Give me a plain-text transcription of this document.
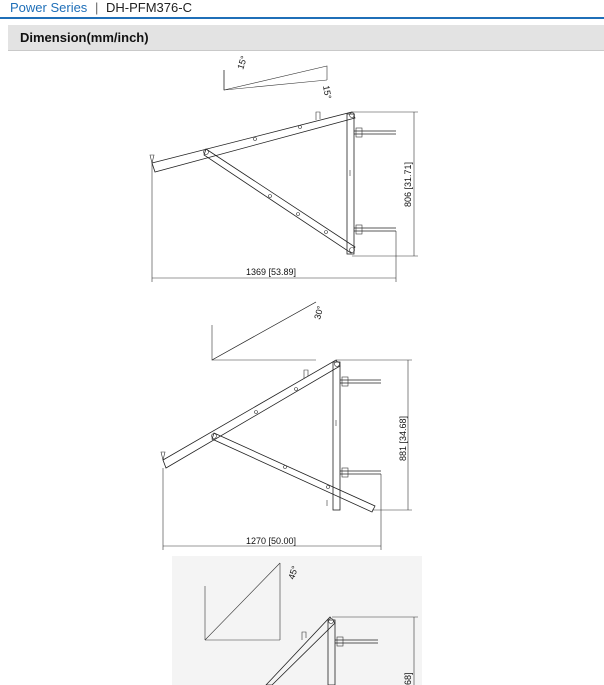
Power Series | DH-PFM376-C
Dimension(mm/inch)
15°
15°
1369 [53.89]
806 [31.71]
30°
1270 [50.00]
881 [34.68]
45°
68]
